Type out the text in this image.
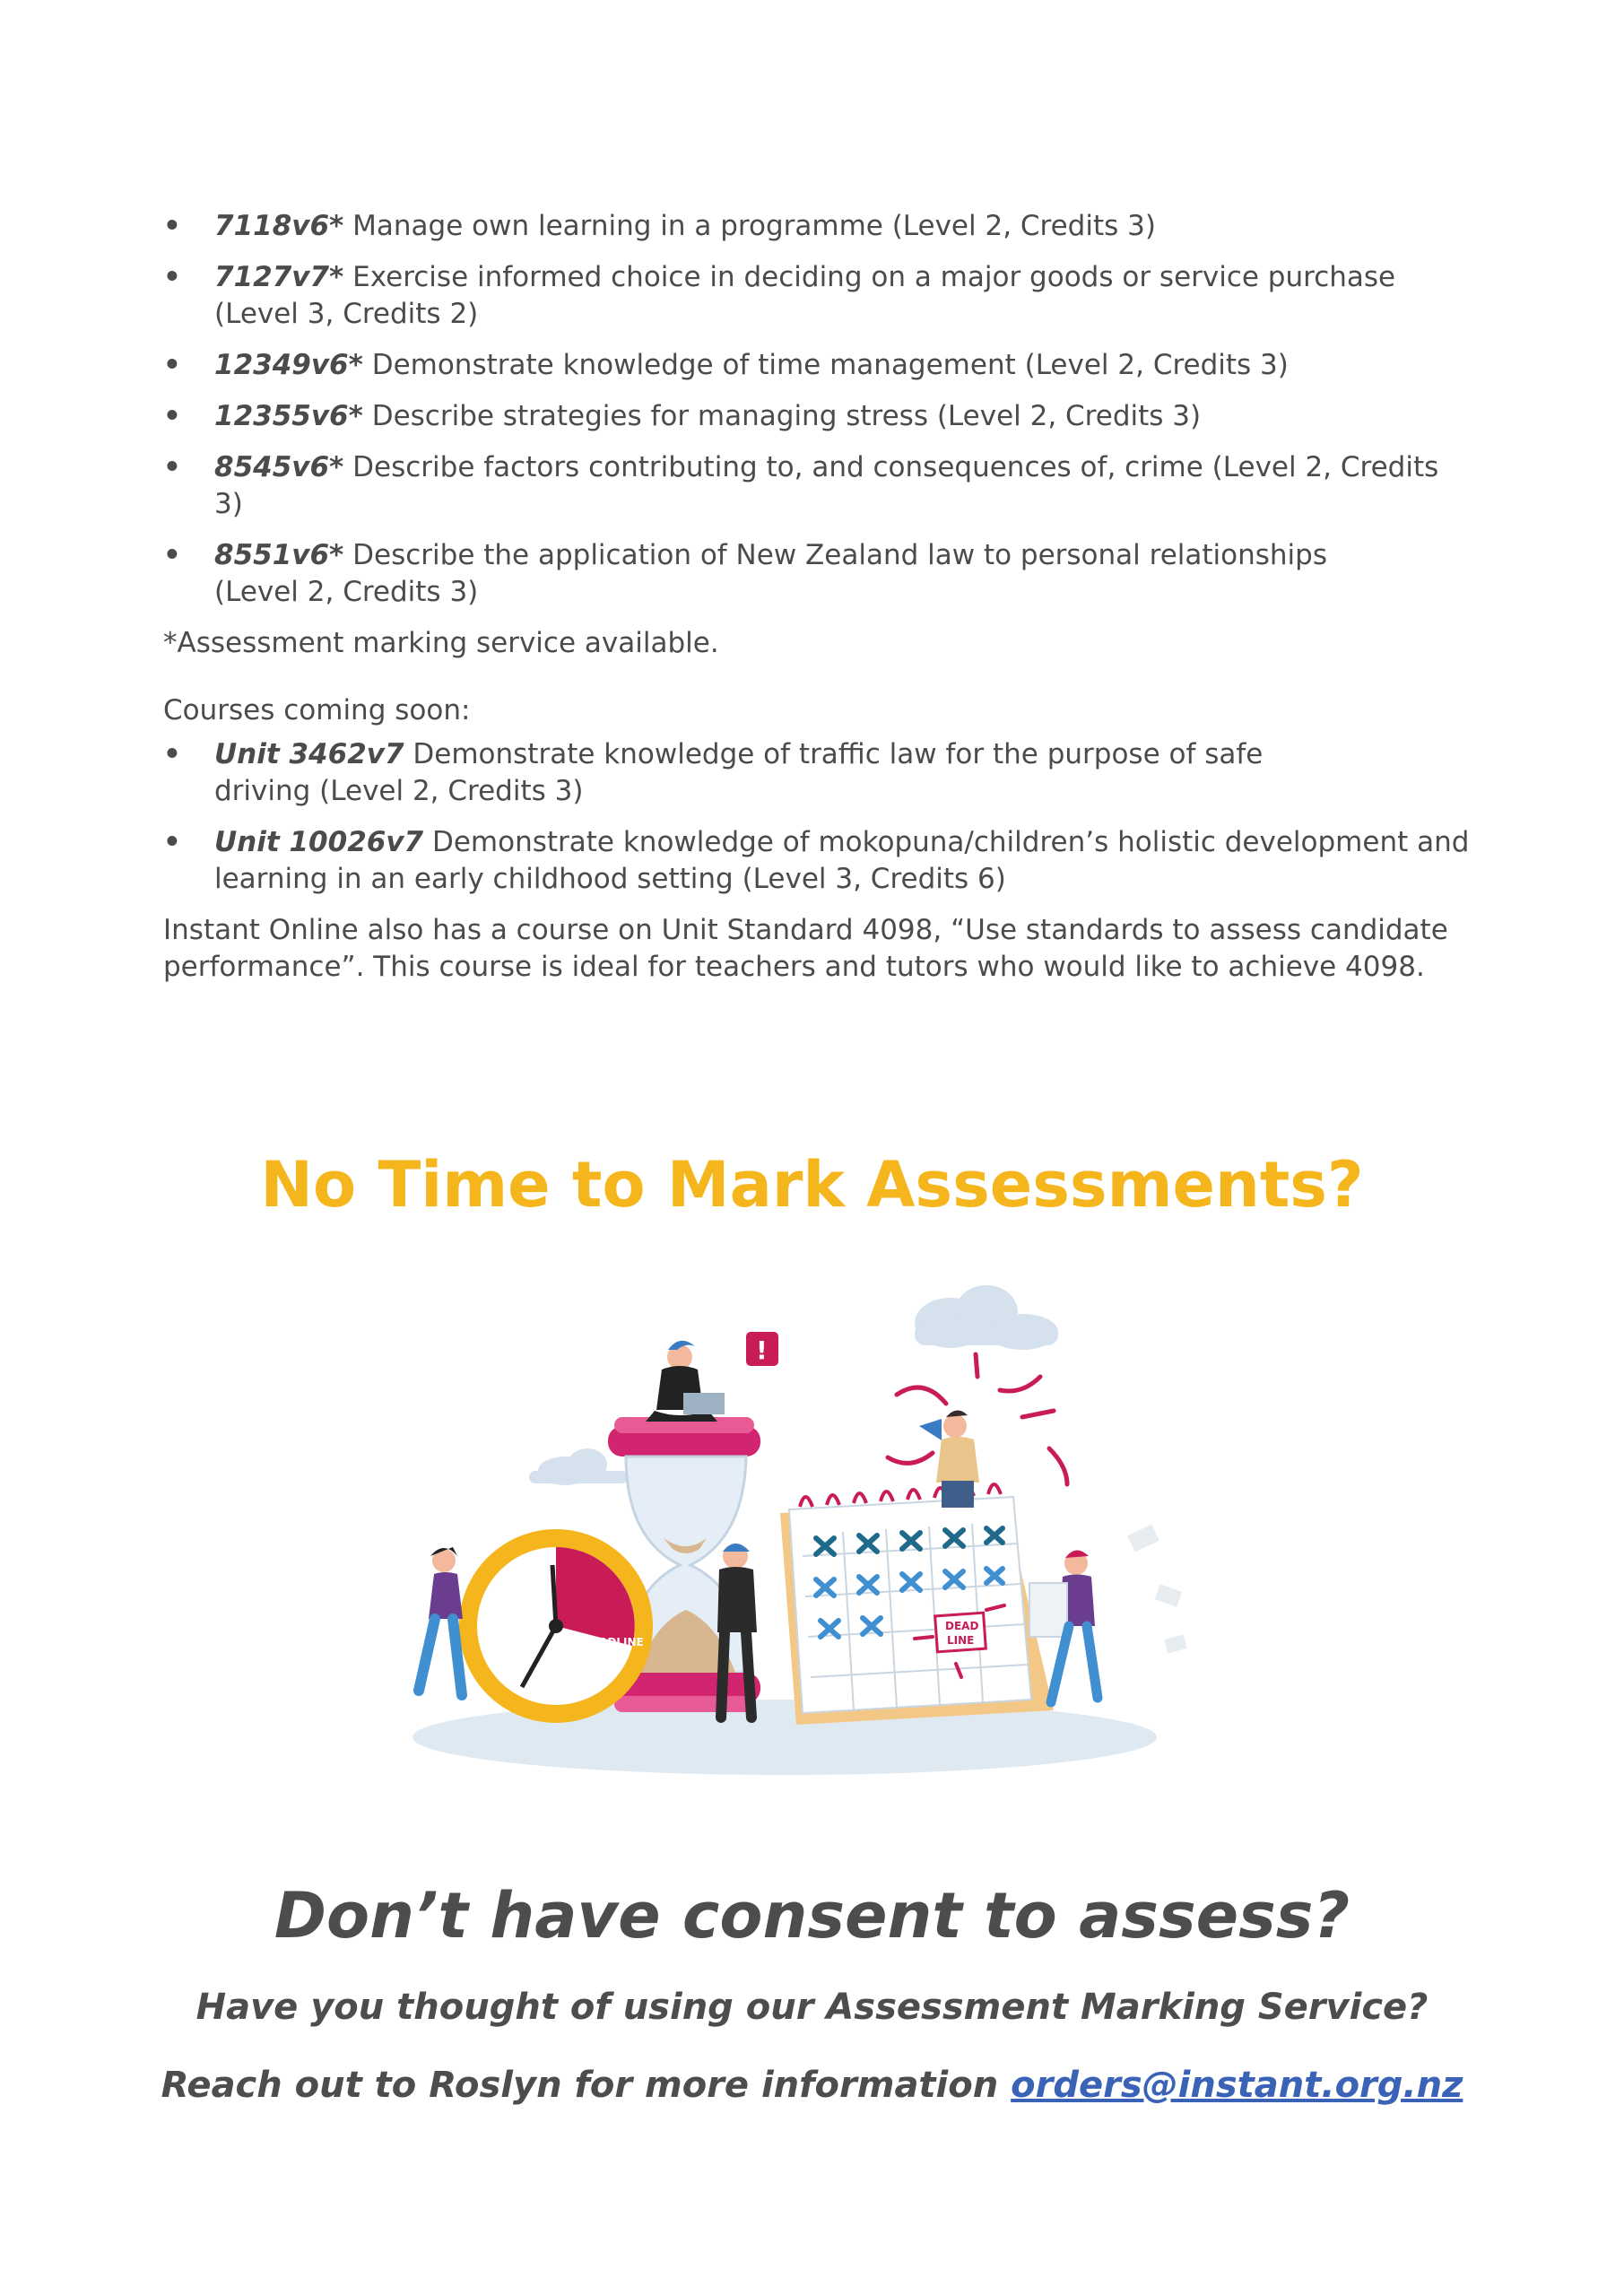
• 7118v6* Manage own learning in a programme (Level 2, Credits 3)
• 7127v7* Exercise informed choice in deciding on a major goods or service purchase (Level 3, Credits 2)
• 12349v6* Demonstrate knowledge of time management (Level 2, Credits 3)
• 12355v6* Describe strategies for managing stress (Level 2, Credits 3)
• 8545v6* Describe factors contributing to, and consequences of, crime (Level 2, Credits 3)
• 8551v6* Describe the application of New Zealand law to personal relationships (Level 2, Credits 3)

*Assessment marking service available.

Courses coming soon:

• Unit 3462v7 Demonstrate knowledge of traffic law for the purpose of safe driving (Level 2, Credits 3)
• Unit 10026v7 Demonstrate knowledge of mokopuna/children’s holistic development and learning in an early childhood setting (Level 3, Credits 6)

Instant Online also has a course on Unit Standard 4098, “Use standards to assess candidate performance”. This course is ideal for teachers and tutors who would like to achieve 4098.

No Time to Mark Assessments?
DEADLINE
DEAD
LINE
!
Don’t have consent to assess?

Have you thought of using our Assessment Marking Service?

Reach out to Roslyn for more information orders@instant.org.nz
